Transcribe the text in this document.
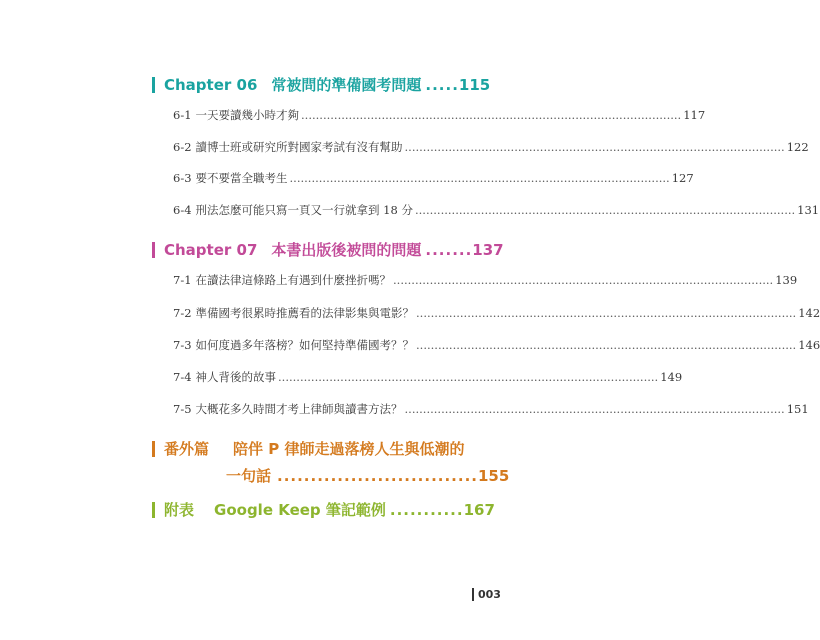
Chapter 06 常被問的準備國考問題 ..... 115
6-1 一天要讀幾小時才夠 ........................................................................................................ 117
6-2 讀博士班或研究所對國家考試有沒有幫助 ........................................................................................................ 122
6-3 要不要當全職考生 ........................................................................................................ 127
6-4 刑法怎麼可能只寫一頁又一行就拿到 18 分 ........................................................................................................ 131
Chapter 07 本書出版後被問的問題 ....... 137
7-1 在讀法律這條路上有遇到什麼挫折嗎？ ........................................................................................................ 139
7-2 準備國考很累時推薦看的法律影集與電影？ ........................................................................................................ 142
7-3 如何度過多年落榜？如何堅持準備國考？？ ........................................................................................................ 146
7-4 神人背後的故事 ........................................................................................................ 149
7-5 大概花多久時間才考上律師與讀書方法？ ........................................................................................................ 151
番外篇 陪伴 P 律師走過落榜人生與低潮的
一句話 .............................. 155
附表 Google Keep 筆記範例 ........... 167
003
